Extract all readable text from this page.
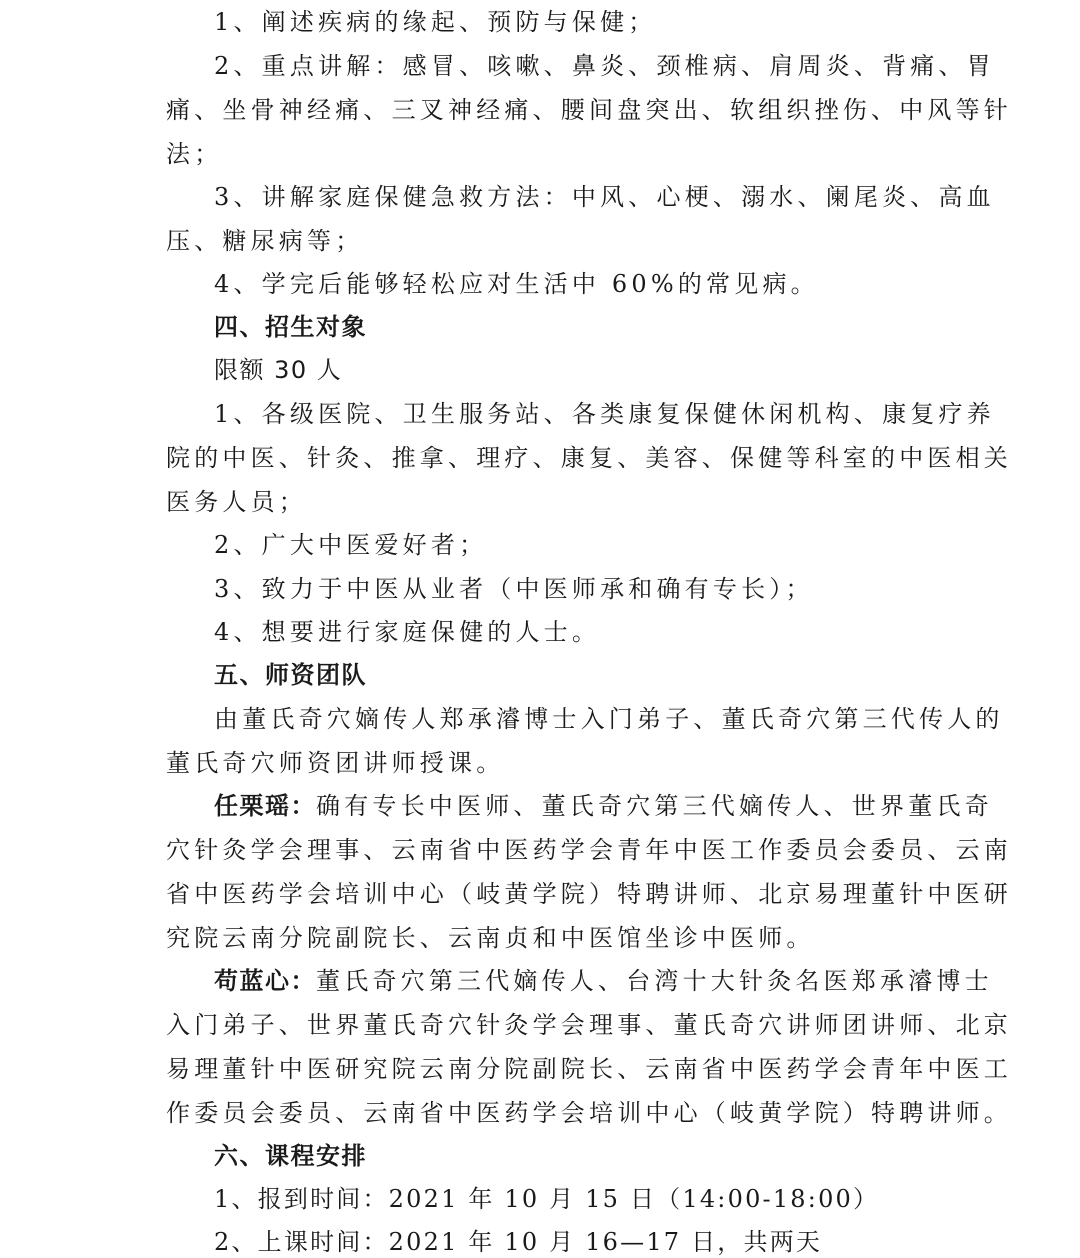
1、阐述疾病的缘起、预防与保健；
2、重点讲解：感冒、咳嗽、鼻炎、颈椎病、肩周炎、背痛、胃
痛、坐骨神经痛、三叉神经痛、腰间盘突出、软组织挫伤、中风等针
法；
3、讲解家庭保健急救方法：中风、心梗、溺水、阑尾炎、高血
压、糖尿病等；
4、学完后能够轻松应对生活中 60%的常见病。
四、招生对象
限额 30 人
1、各级医院、卫生服务站、各类康复保健休闲机构、康复疗养
院的中医、针灸、推拿、理疗、康复、美容、保健等科室的中医相关
医务人员；
2、广大中医爱好者；
3、致力于中医从业者（中医师承和确有专长）；
4、想要进行家庭保健的人士。
五、师资团队
由董氏奇穴嫡传人郑承濬博士入门弟子、董氏奇穴第三代传人的
董氏奇穴师资团讲师授课。
任栗瑶：确有专长中医师、董氏奇穴第三代嫡传人、世界董氏奇
穴针灸学会理事、云南省中医药学会青年中医工作委员会委员、云南
省中医药学会培训中心（岐黄学院）特聘讲师、北京易理董针中医研
究院云南分院副院长、云南贞和中医馆坐诊中医师。
苟蓝心：董氏奇穴第三代嫡传人、台湾十大针灸名医郑承濬博士
入门弟子、世界董氏奇穴针灸学会理事、董氏奇穴讲师团讲师、北京
易理董针中医研究院云南分院副院长、云南省中医药学会青年中医工
作委员会委员、云南省中医药学会培训中心（岐黄学院）特聘讲师。
六、课程安排
1、报到时间：2021 年 10 月 15 日（14:00-18:00）
2、上课时间：2021 年 10 月 16—17 日，共两天
